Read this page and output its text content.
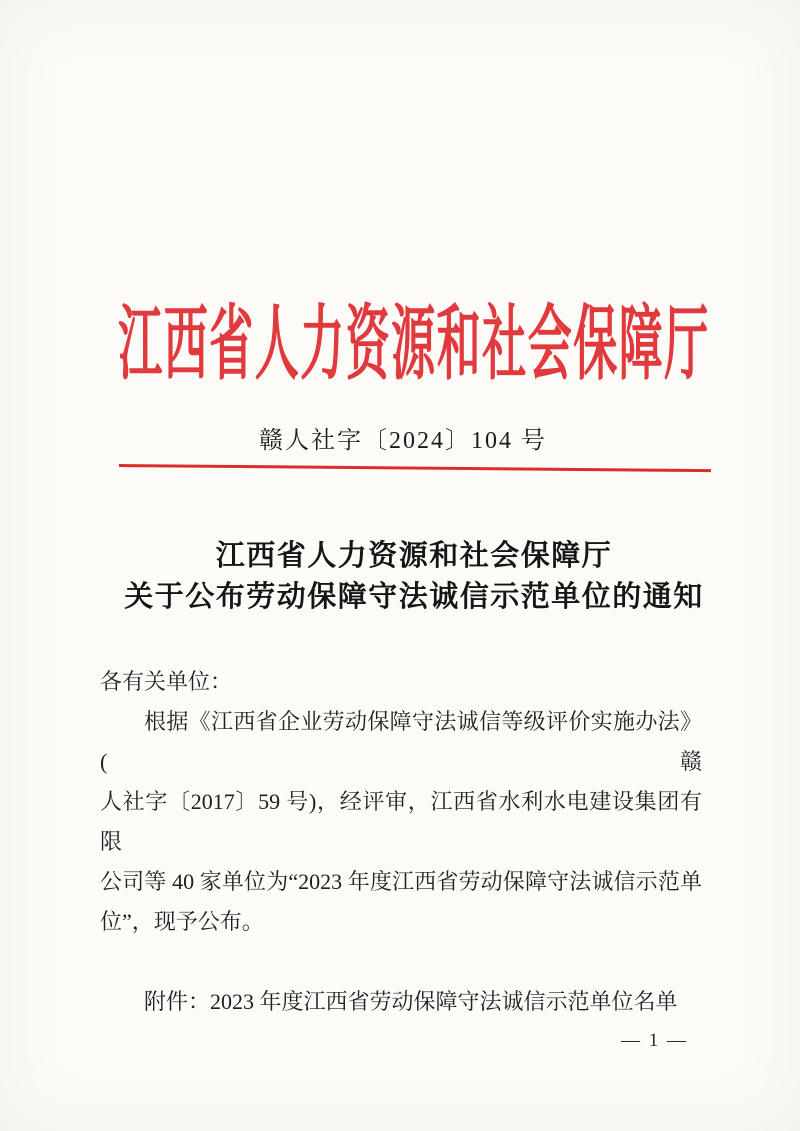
江西省人力资源和社会保障厅
赣人社字〔2024〕104 号
江西省人力资源和社会保障厅
关于公布劳动保障守法诚信示范单位的通知
各有关单位：
根据《江西省企业劳动保障守法诚信等级评价实施办法》(赣
人社字〔2017〕59 号)，经评审，江西省水利水电建设集团有限
公司等 40 家单位为“2023 年度江西省劳动保障守法诚信示范单
位”，现予公布。
附件：2023 年度江西省劳动保障守法诚信示范单位名单
— 1 —
